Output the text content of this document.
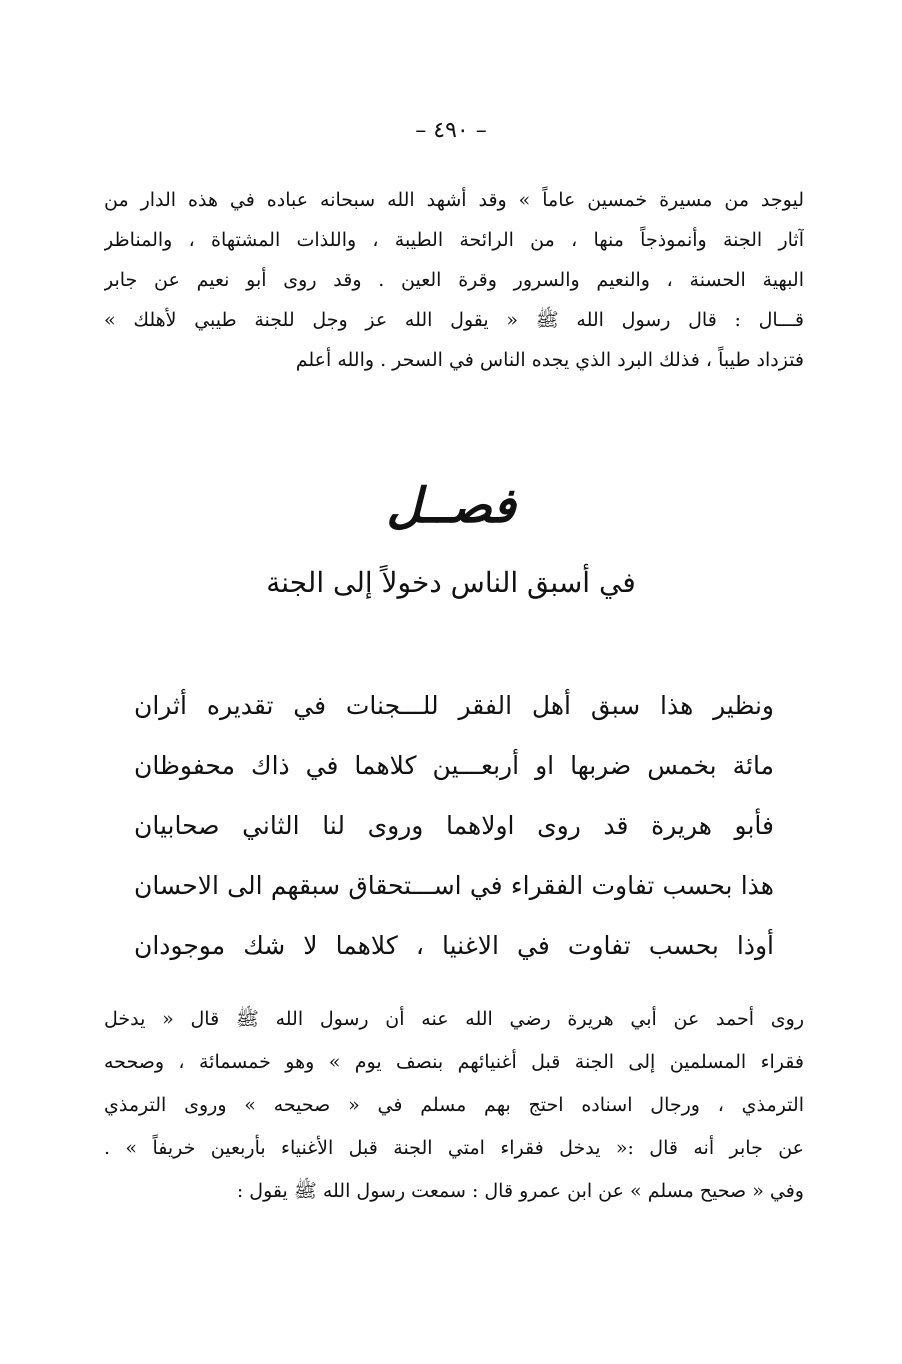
– ٤٩٠ –

ليوجد من مسيرة خمسين عاماً » وقد أشهد الله سبحانه عباده في هذه الدار من
آثار الجنة وأنموذجاً منها ، من الرائحة الطيبة ، واللذات المشتهاة ، والمناظر
البهية الحسنة ، والنعيم والسرور وقرة العين . وقد روى أبو نعيم عن جابر
قـــال : قال رسول الله ﷺ « يقول الله عز وجل للجنة طيبي لأهلك »
فتزداد طيباً ، فذلك البرد الذي يجده الناس في السحر . والله أعلم

فصــل
في أسبق الناس دخولاً إلى الجنة
ونظير هذا سبق أهل الفقر للـــجنات في تقديره أثران
مائة بخمس ضربها او أربعـــين كلاهما في ذاك محفوظان
فأبو هريرة قد روى اولاهما وروى لنا الثاني صحابيان
هذا بحسب تفاوت الفقراء في اســـتحقاق سبقهم الى الاحسان
أوذا بحسب تفاوت في الاغنيا ، كلاهما لا شك موجودان

روى أحمد عن أبي هريرة رضي الله عنه أن رسول الله ﷺ قال « يدخل
فقراء المسلمين إلى الجنة قبل أغنيائهم بنصف يوم » وهو خمسمائة ، وصححه
الترمذي ، ورجال اسناده احتج بهم مسلم في « صحيحه » وروى الترمذي
عن جابر أنه قال :« يدخل فقراء امتي الجنة قبل الأغنياء بأربعين خريفاً » .
وفي « صحيح مسلم » عن ابن عمرو قال : سمعت رسول الله ﷺ يقول :
